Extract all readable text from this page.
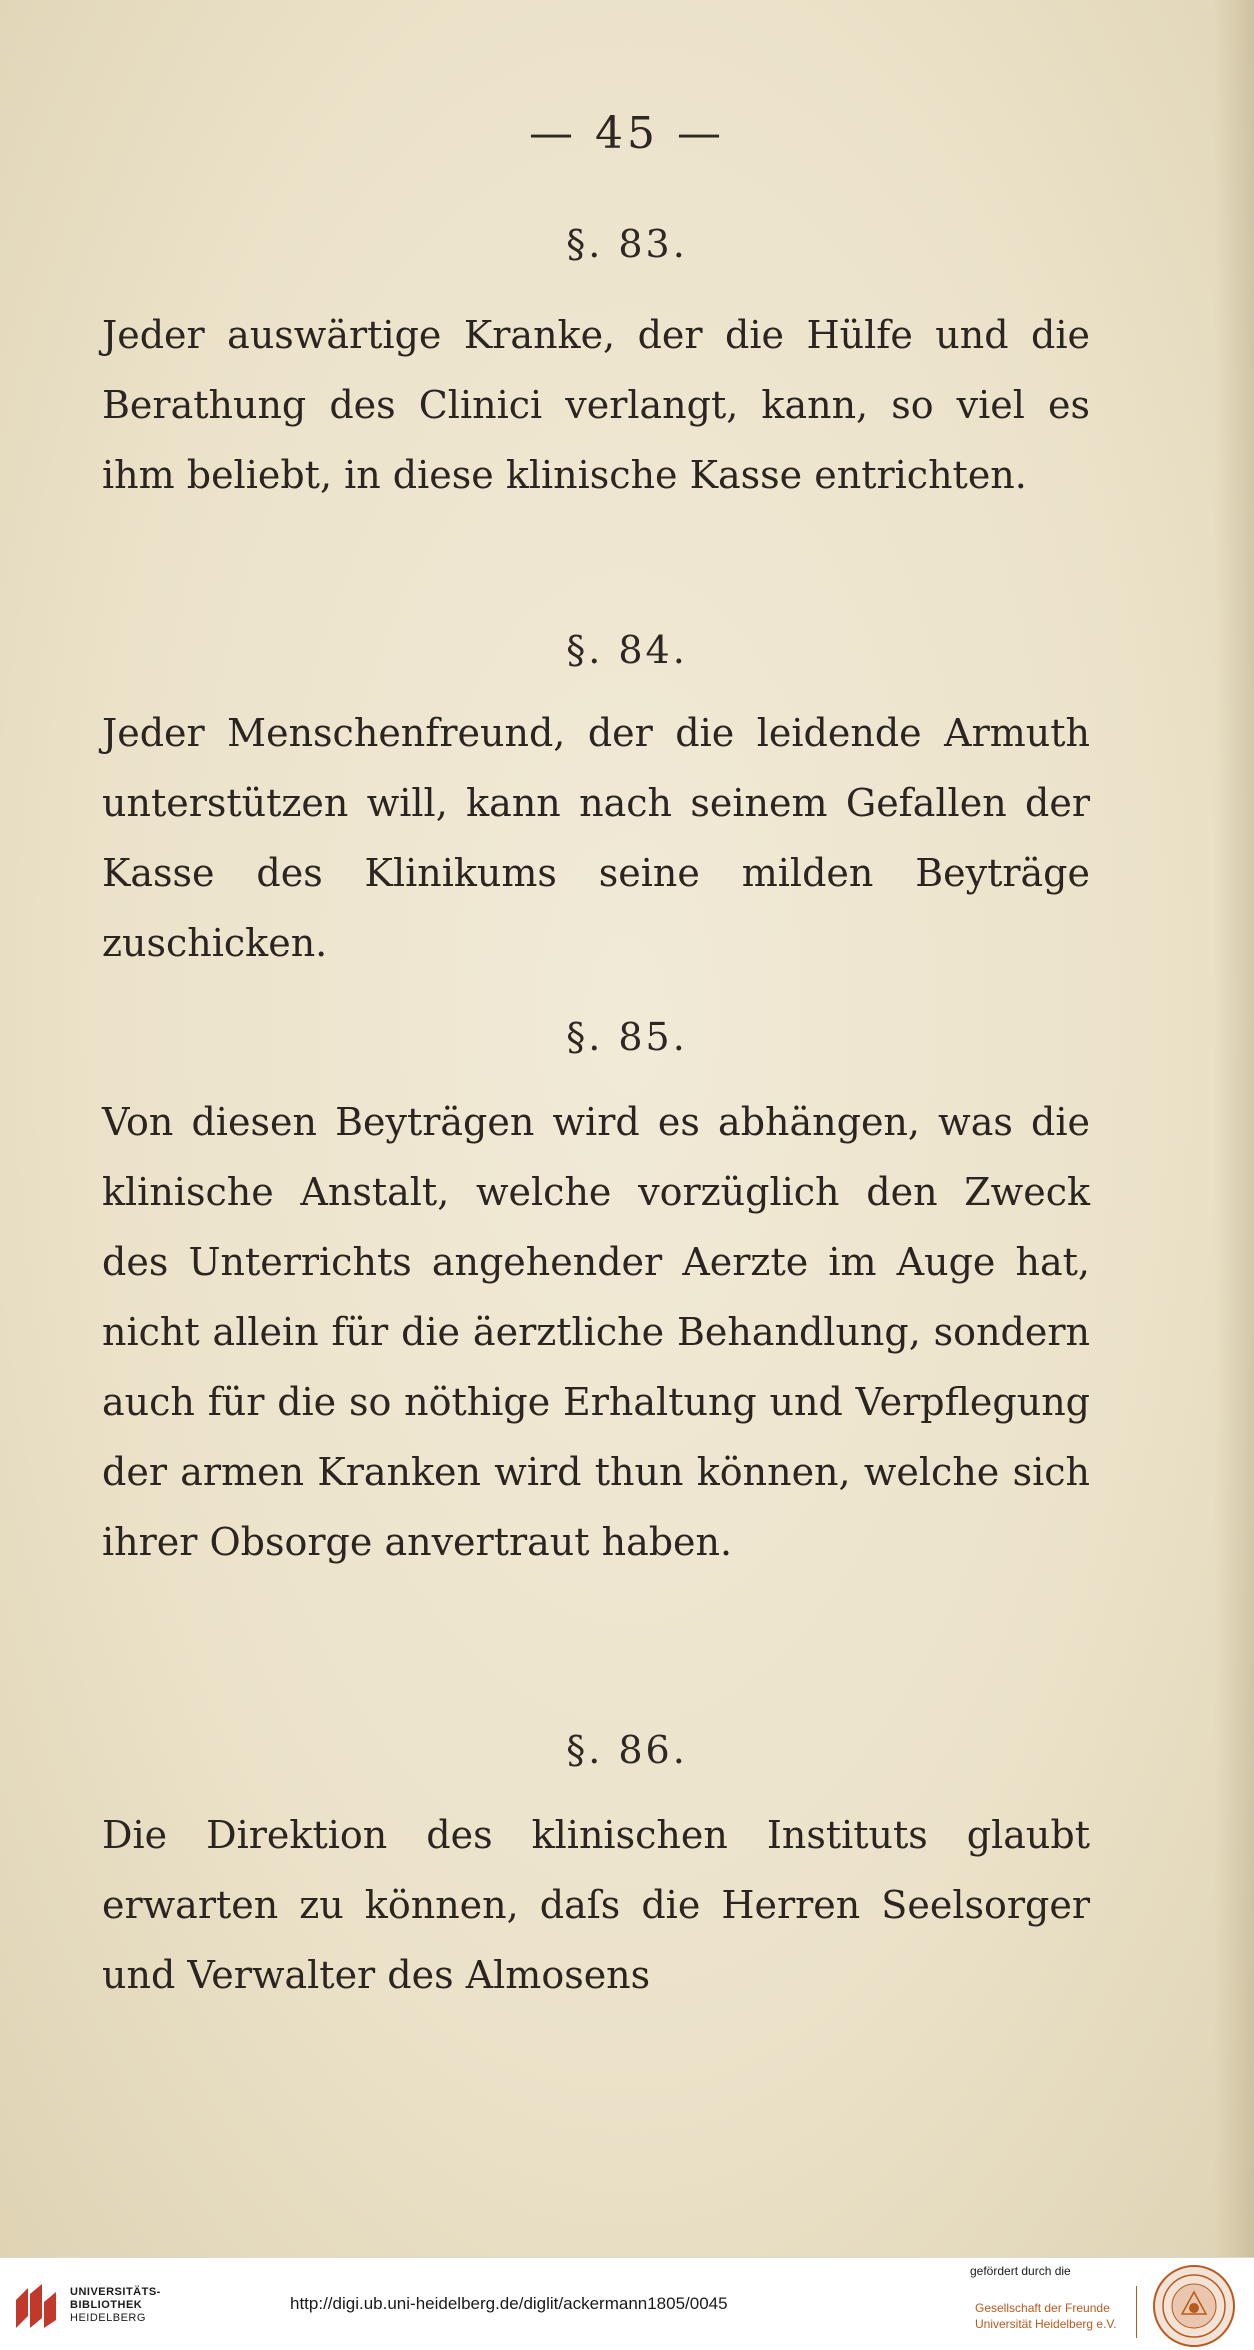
— 45 —
§. 83.
Jeder auswärtige Kranke, der die Hülfe und die Berathung des Clinici verlangt, kann, so viel es ihm beliebt, in diese klinische Kasse entrichten.
§. 84.
Jeder Menschenfreund, der die leidende Armuth unterstützen will, kann nach seinem Gefallen der Kasse des Klinikums seine milden Beyträge zuschicken.
§. 85.
Von diesen Beyträgen wird es abhängen, was die klinische Anstalt, welche vorzüglich den Zweck des Unterrichts angehender Aerzte im Auge hat, nicht allein für die äerztliche Behandlung, sondern auch für die so nöthige Erhaltung und Verpflegung der armen Kranken wird thun können, welche sich ihrer Obsorge anvertraut haben.
§. 86.
Die Direktion des klinischen Instituts glaubt erwarten zu können, daſs die Herren Seelsorger und Verwalter des Almosens
UNIVERSITÄTS-
BIBLIOTHEK
HEIDELBERG
http://digi.ub.uni-heidelberg.de/diglit/ackermann1805/0045
gefördert durch die
Gesellschaft der Freunde
Universität Heidelberg e.V.
